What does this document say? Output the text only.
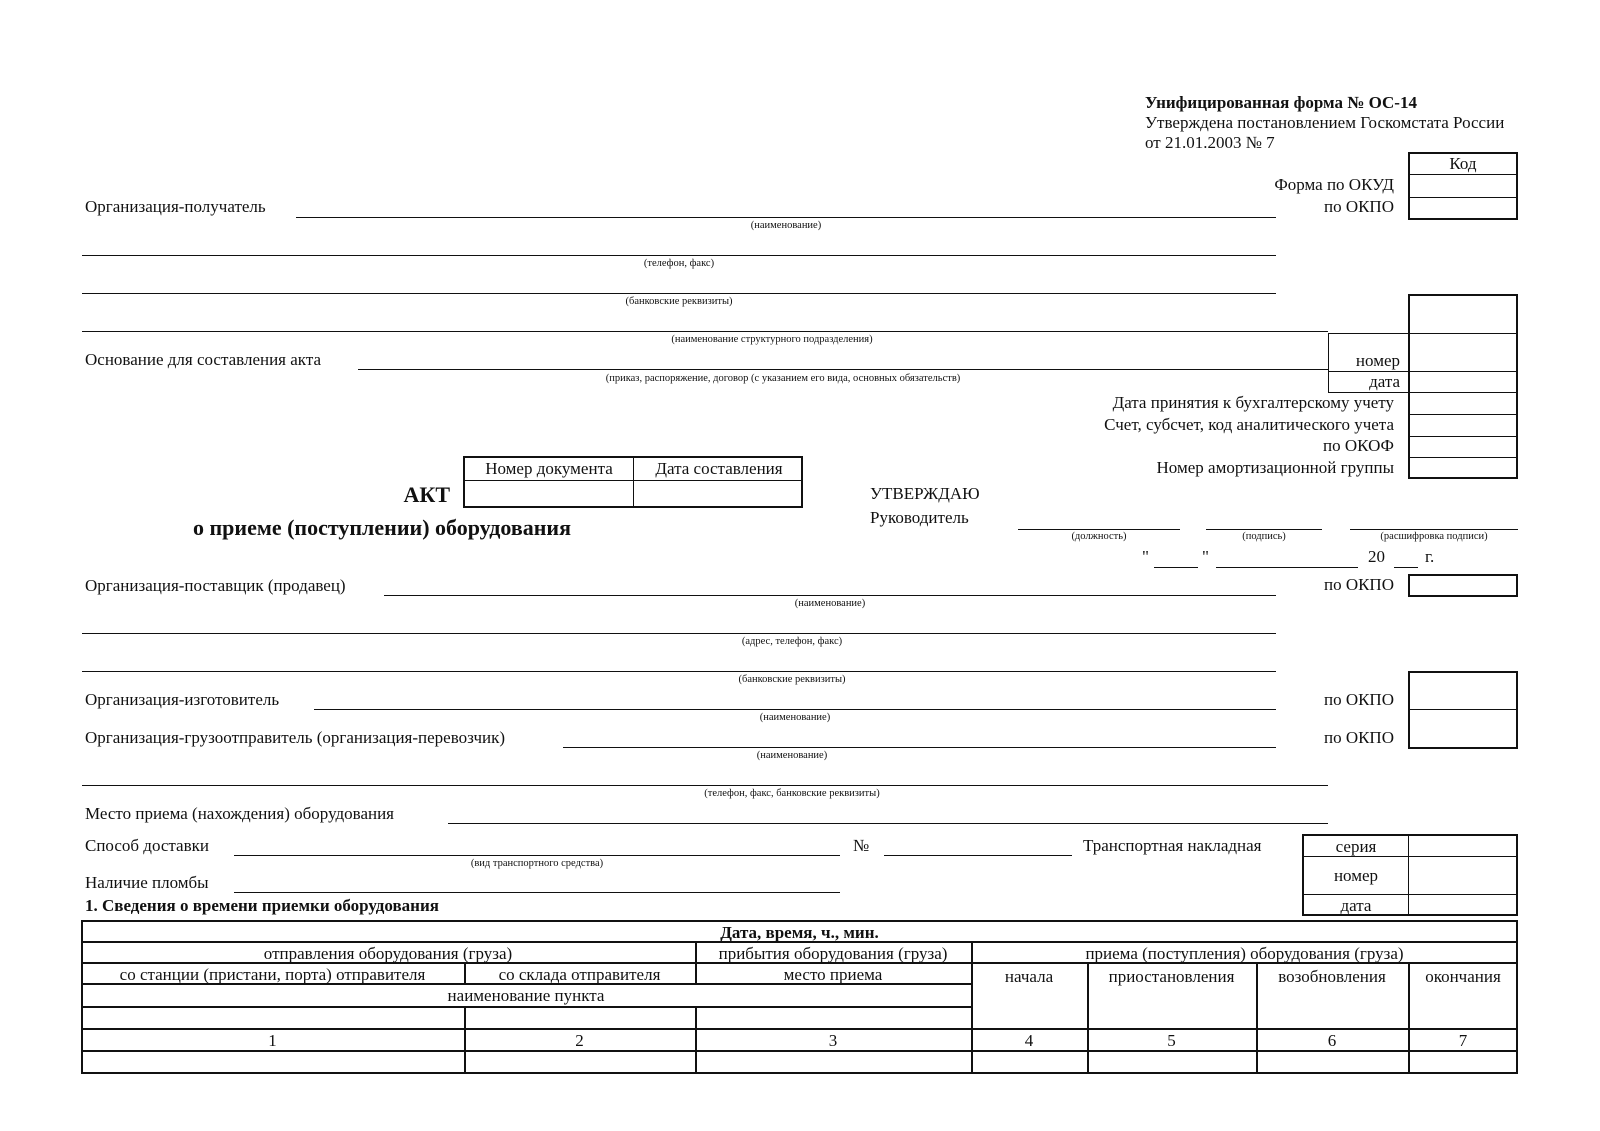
Унифицированная форма № ОС-14
Утверждена постановлением Госкомстата России
от 21.01.2003 № 7
Код
Форма по ОКУД
по ОКПО
номер
дата
Дата принятия к бухгалтерскому учету
Счет, субсчет, код аналитического учета
по ОКОФ
Номер амортизационной группы
Организация-получатель
(наименование)
(телефон, факс)
(банковские реквизиты)
(наименование структурного подразделения)
Основание для составления акта
(приказ, распоряжение, договор (с указанием его вида, основных обязательств)
Номер документа	Дата составления
АКТ
о приеме (поступлении) оборудования
УТВЕРЖДАЮ
Руководитель
(должность)	(подпись)	(расшифровка подписи)
"	"	20 г.
Организация-поставщик (продавец)
(наименование)
(адрес, телефон, факс)
(банковские реквизиты)
по ОКПО
Организация-изготовитель
(наименование)
по ОКПО
Организация-грузоотправитель (организация-перевозчик)
(наименование)
по ОКПО
(телефон, факс, банковские реквизиты)
Место приема (нахождения) оборудования
Способ доставки
(вид транспортного средства)
№	Транспортная накладная	серия
номер
дата
Наличие пломбы
1. Сведения о времени приемки оборудования
Дата, время, ч., мин.
отправления оборудования (груза)	прибытия оборудования (груза)	приема (поступления) оборудования (груза)
со станции (пристани, порта) отправителя	со склада отправителя	место приема
наименование пункта
начала	приостановления	возобновления	окончания
1	2	3	4	5	6	7
